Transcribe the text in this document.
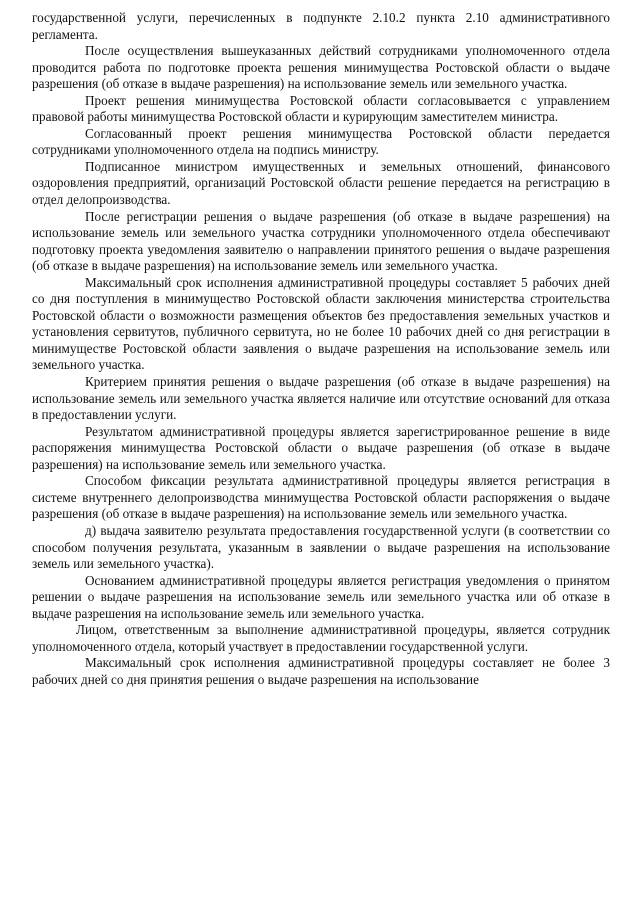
государственной услуги, перечисленных в подпункте 2.10.2 пункта 2.10 административного регламента.

После осуществления вышеуказанных действий сотрудниками уполномоченного отдела проводится работа по подготовке проекта решения минимущества Ростовской области о выдаче разрешения (об отказе в выдаче разрешения) на использование земель или земельного участка.

Проект решения минимущества Ростовской области согласовывается с управлением правовой работы минимущества Ростовской области и курирующим заместителем министра.

Согласованный проект решения минимущества Ростовской области передается сотрудниками уполномоченного отдела на подпись министру.

Подписанное министром имущественных и земельных отношений, финансового оздоровления предприятий, организаций Ростовской области решение передается на регистрацию в отдел делопроизводства.

После регистрации решения о выдаче разрешения (об отказе в выдаче разрешения) на использование земель или земельного участка сотрудники уполномоченного отдела обеспечивают подготовку проекта уведомления заявителю о направлении принятого решения о выдаче разрешения (об отказе в выдаче разрешения) на использование земель или земельного участка.

Максимальный срок исполнения административной процедуры составляет 5 рабочих дней со дня поступления в минимущество Ростовской области заключения министерства строительства Ростовской области о возможности размещения объектов без предоставления земельных участков и установления сервитутов, публичного сервитута, но не более 10 рабочих дней со дня регистрации в минимуществе Ростовской области заявления о выдаче разрешения на использование земель или земельного участка.

Критерием принятия решения о выдаче разрешения (об отказе в выдаче разрешения) на использование земель или земельного участка является наличие или отсутствие оснований для отказа в предоставлении услуги.

Результатом административной процедуры является зарегистрированное решение в виде распоряжения минимущества Ростовской области о выдаче разрешения (об отказе в выдаче разрешения) на использование земель или земельного участка.

Способом фиксации результата административной процедуры является регистрация в системе внутреннего делопроизводства минимущества Ростовской области распоряжения о выдаче разрешения (об отказе в выдаче разрешения) на использование земель или земельного участка.

д) выдача заявителю результата предоставления государственной услуги (в соответствии со способом получения результата, указанным в заявлении о выдаче разрешения на использование земель или земельного участка).

Основанием административной процедуры является регистрация уведомления о принятом решении о выдаче разрешения на использование земель или земельного участка или об отказе в выдаче разрешения на использование земель или земельного участка.

Лицом, ответственным за выполнение административной процедуры, является сотрудник уполномоченного отдела, который участвует в предоставлении государственной услуги.

Максимальный срок исполнения административной процедуры составляет не более 3 рабочих дней со дня принятия решения о выдаче разрешения на использование
